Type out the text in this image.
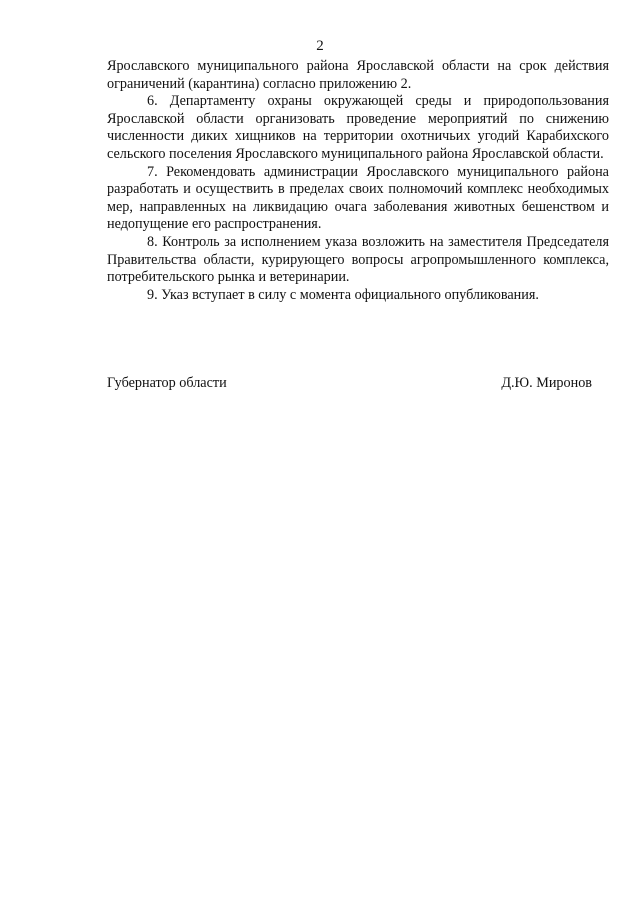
2

Ярославского муниципального района Ярославской области на срок действия ограничений (карантина) согласно приложению 2.

6. Департаменту охраны окружающей среды и природопользования Ярославской области организовать проведение мероприятий по снижению численности диких хищников на территории охотничьих угодий Карабихского сельского поселения Ярославского муниципального района Ярославской области.

7. Рекомендовать администрации Ярославского муниципального района разработать и осуществить в пределах своих полномочий комплекс необходимых мер, направленных на ликвидацию очага заболевания животных бешенством и недопущение его распространения.

8. Контроль за исполнением указа возложить на заместителя Председателя Правительства области, курирующего вопросы агропромышленного комплекса, потребительского рынка и ветеринарии.

9. Указ вступает в силу с момента официального опубликования.

Губернатор области	Д.Ю. Миронов
